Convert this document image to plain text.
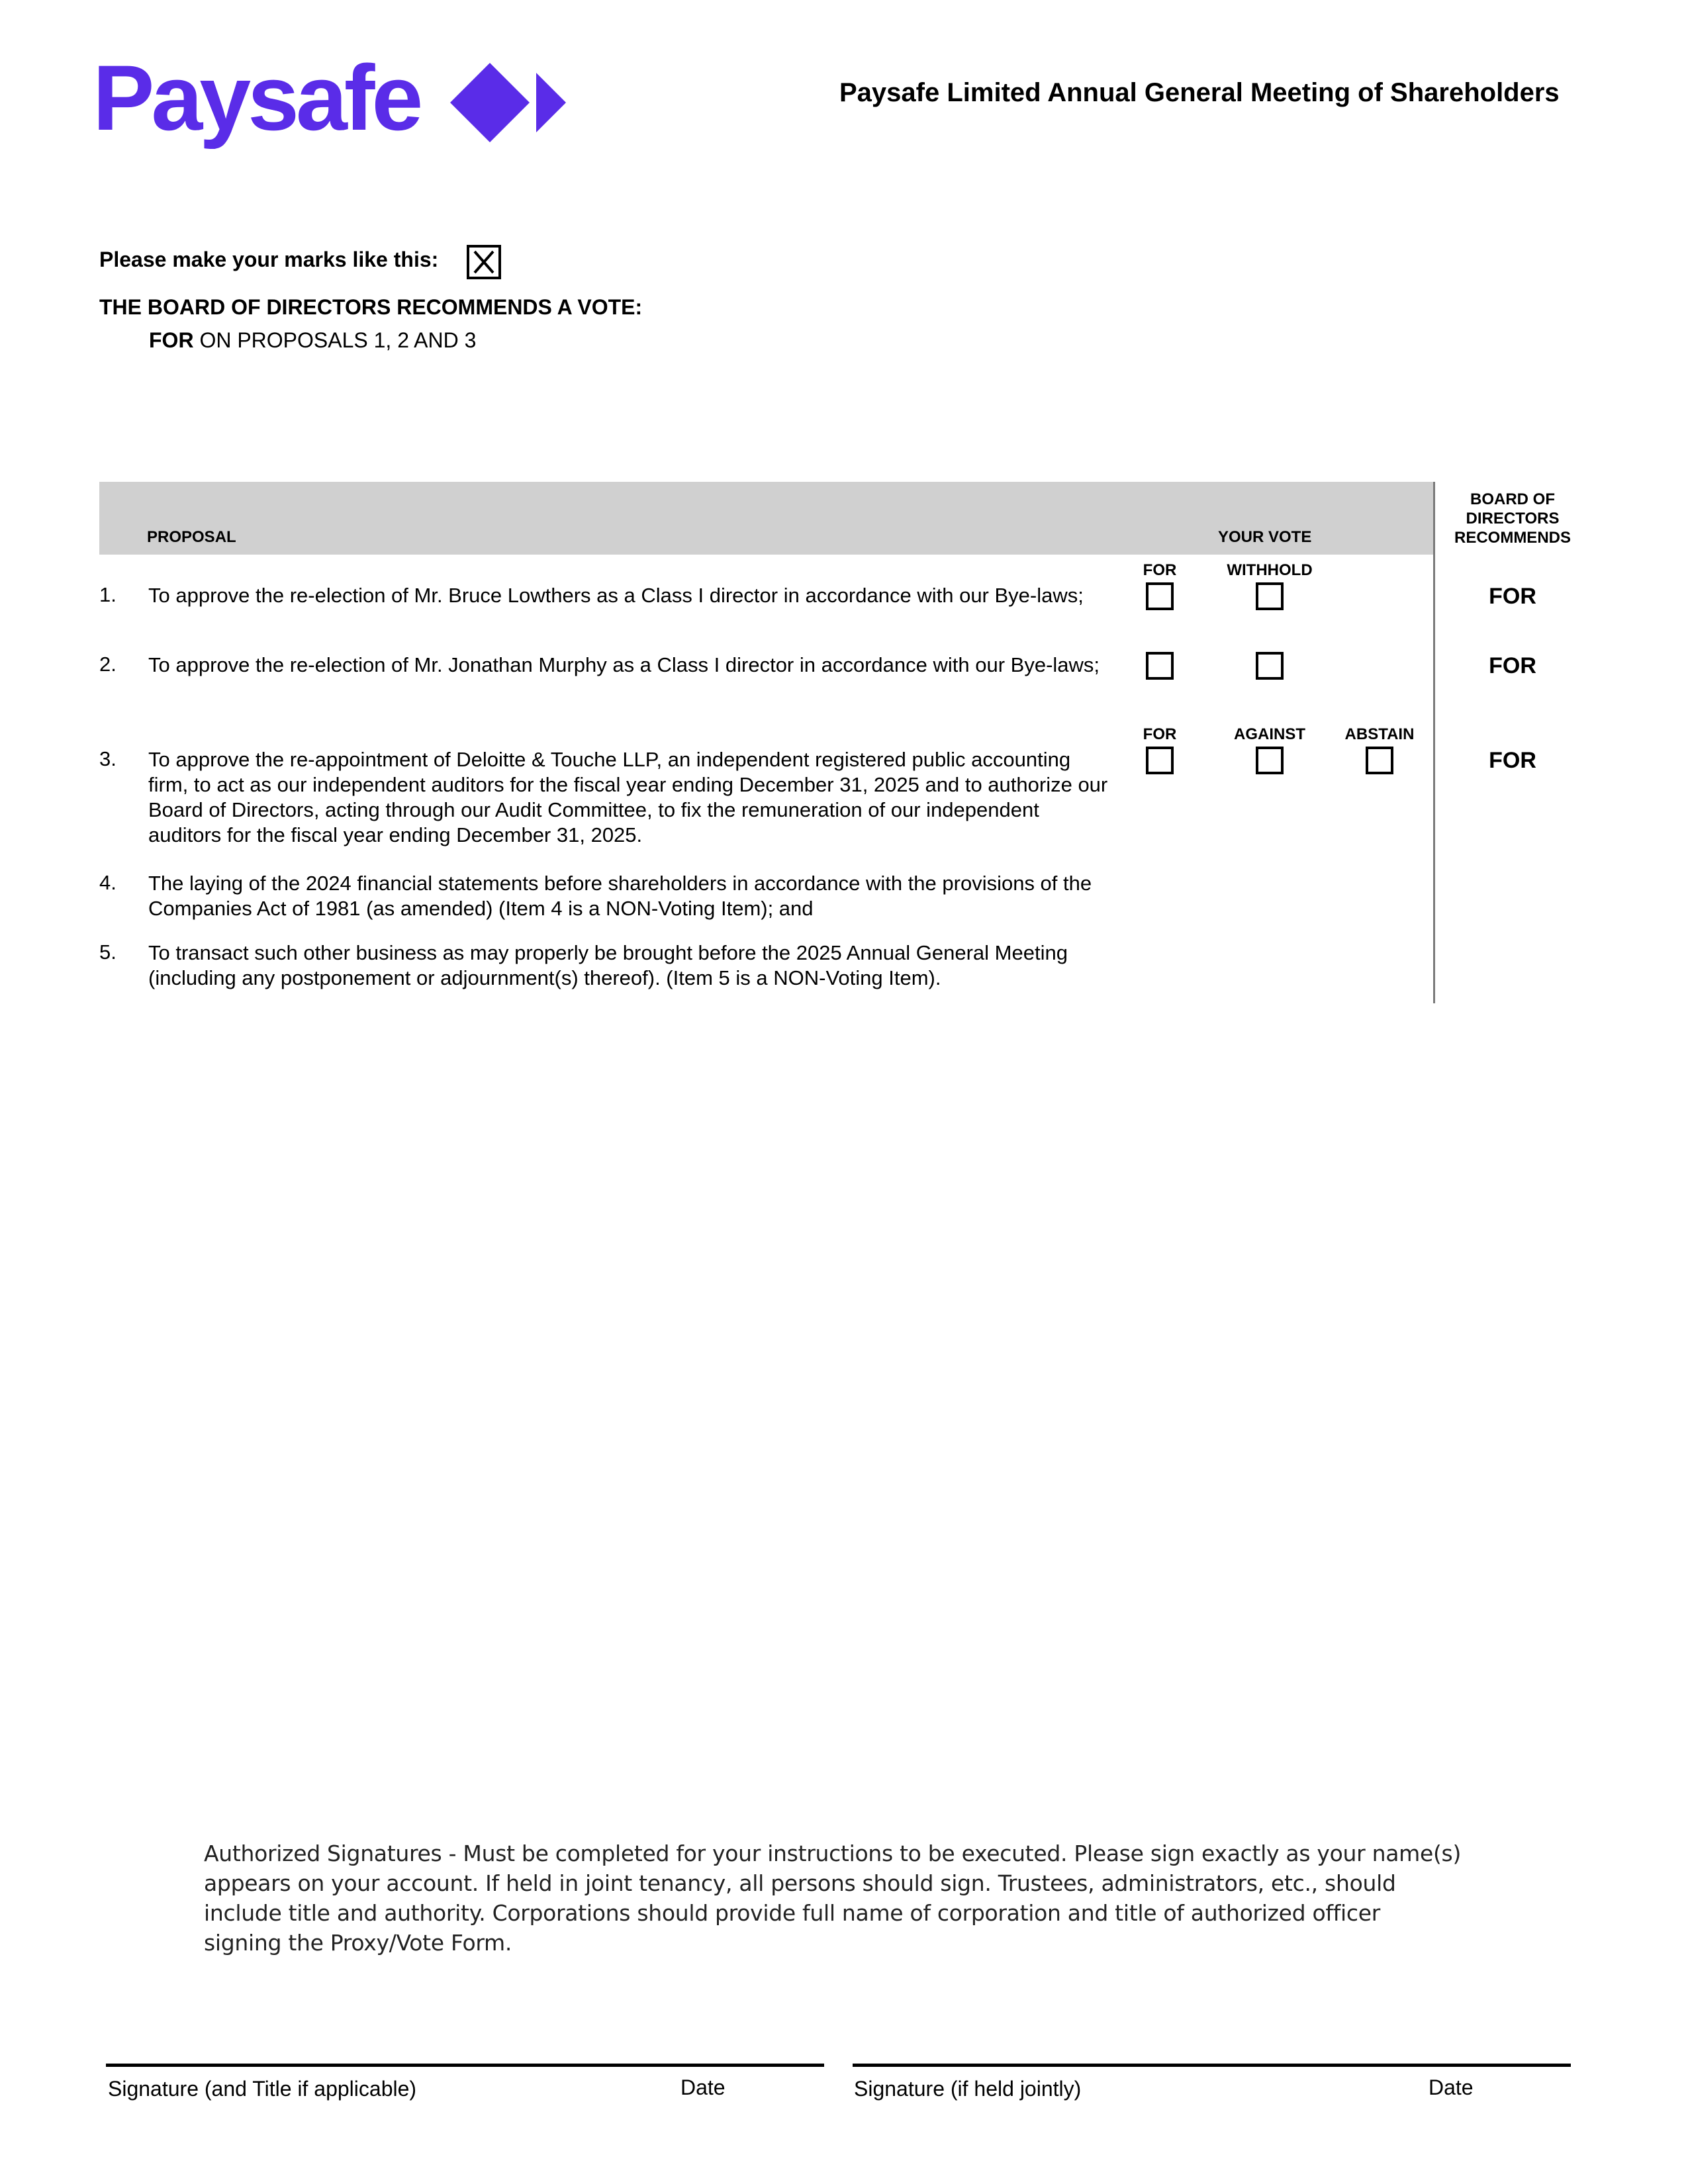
Paysafe	Paysafe Limited Annual General Meeting of Shareholders
Please make your marks like this:
THE BOARD OF DIRECTORS RECOMMENDS A VOTE:
FOR ON PROPOSALS 1, 2 AND 3
PROPOSAL	YOUR VOTE
BOARD OF DIRECTORS RECOMMENDS
FOR	WITHHOLD
1. To approve the re-election of Mr. Bruce Lowthers as a Class I director in accordance with our Bye-laws;	FOR
2. To approve the re-election of Mr. Jonathan Murphy as a Class I director in accordance with our Bye-laws;	FOR
FOR	AGAINST	ABSTAIN
3. To approve the re-appointment of Deloitte & Touche LLP, an independent registered public accounting firm, to act as our independent auditors for the fiscal year ending December 31, 2025 and to authorize our Board of Directors, acting through our Audit Committee, to fix the remuneration of our independent auditors for the fiscal year ending December 31, 2025.
FOR
4. The laying of the 2024 financial statements before shareholders in accordance with the provisions of the Companies Act of 1981 (as amended) (Item 4 is a NON-Voting Item); and
5. To transact such other business as may properly be brought before the 2025 Annual General Meeting (including any postponement or adjournment(s) thereof). (Item 5 is a NON-Voting Item).
Authorized Signatures - Must be completed for your instructions to be executed. Please sign exactly as your name(s) appears on your account. If held in joint tenancy, all persons should sign. Trustees, administrators, etc., should include title and authority. Corporations should provide full name of corporation and title of authorized officer signing the Proxy/Vote Form.
Signature (and Title if applicable)	Date	Signature (if held jointly)	Date
